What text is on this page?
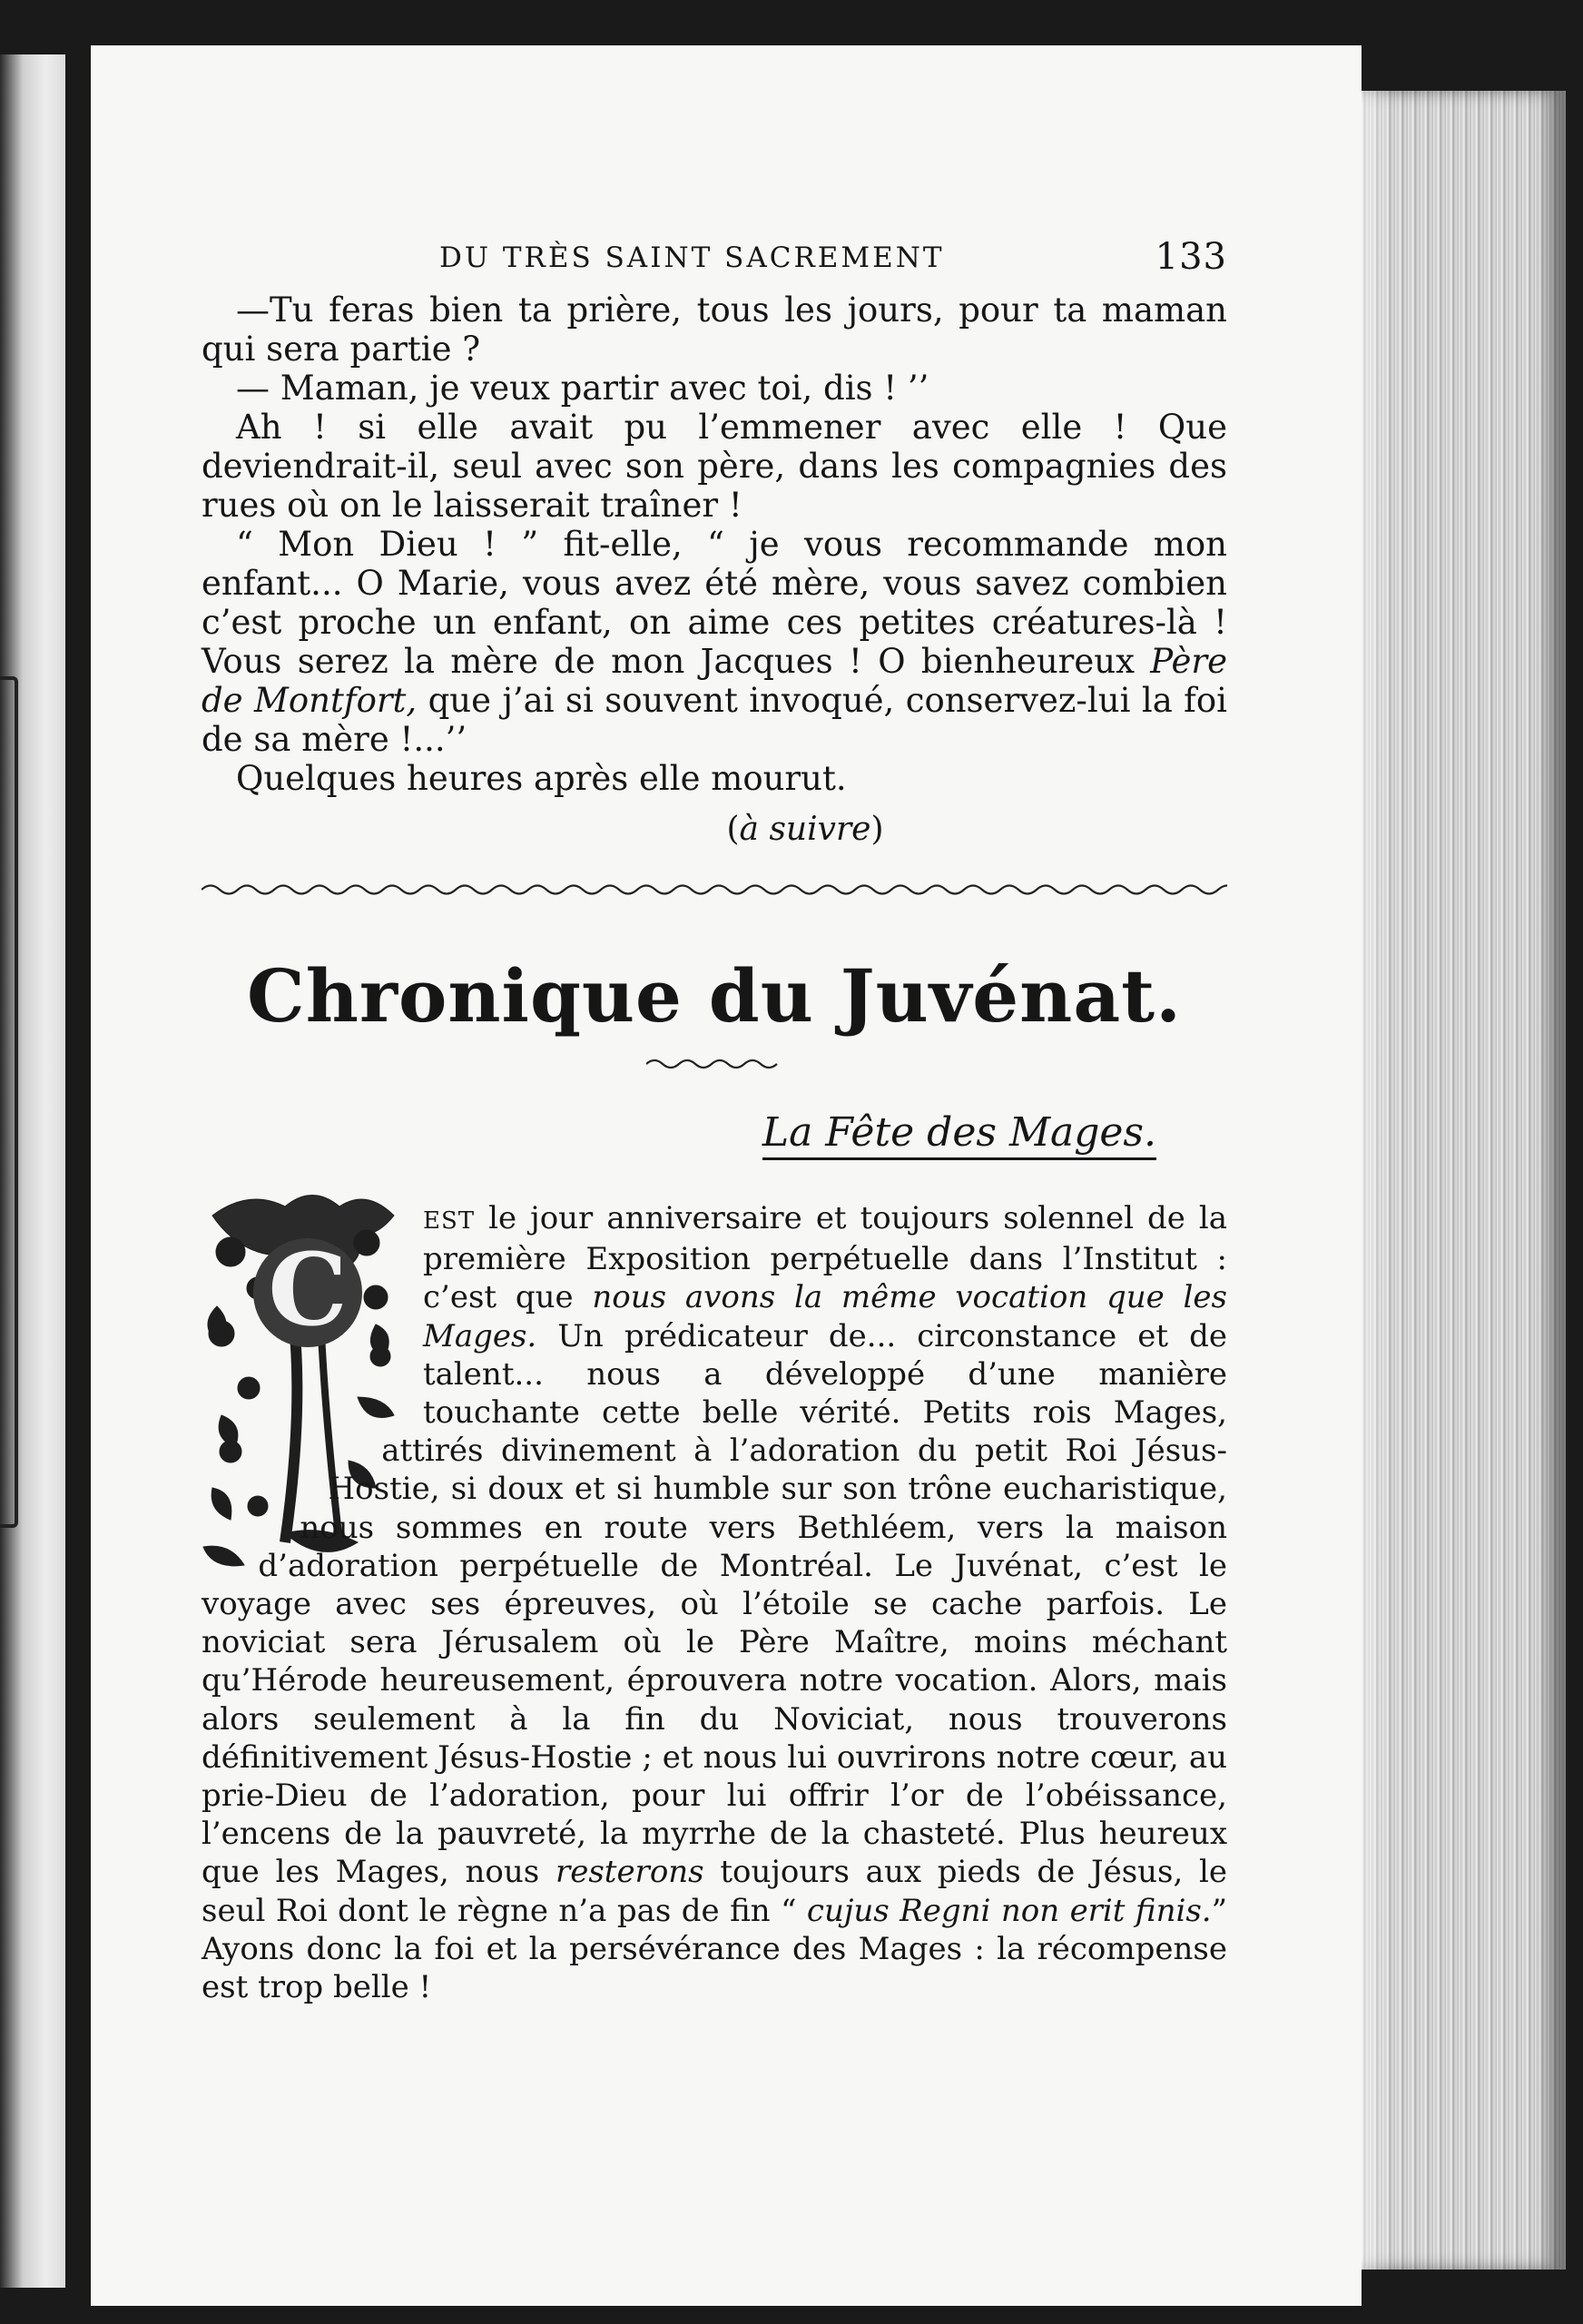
DU TRÈS SAINT SACREMENT	133

—Tu feras bien ta prière, tous les jours, pour ta maman qui sera partie ?

— Maman, je veux partir avec toi, dis ! ’’

Ah ! si elle avait pu l’emmener avec elle ! Que deviendrait-il, seul avec son père, dans les compagnies des rues où on le laisserait traîner !

“ Mon Dieu ! ” fit-elle, “ je vous recommande mon enfant... O Marie, vous avez été mère, vous savez combien c’est proche un enfant, on aime ces petites créatures-là ! Vous serez la mère de mon Jacques ! O bienheureux Père de Montfort, que j’ai si souvent invoqué, conservez-lui la foi de sa mère !...’’

Quelques heures après elle mourut.

(à suivre)
Chronique du Juvénat.
La Fête des Mages.
C

EST le jour anniversaire et toujours solennel de la première Exposition perpétuelle dans l’Institut : c’est que nous avons la même vocation que les Mages. Un prédicateur de... circonstance et de talent... nous a développé d’une manière touchante cette belle vérité. Petits rois Mages, attirés divinement à l’adoration du petit Roi Jésus-Hostie, si doux et si humble sur son trône eucharistique, nous sommes en route vers Bethléem, vers la maison d’adoration perpétuelle de Montréal. Le Juvénat, c’est le voyage avec ses épreuves, où l’étoile se cache parfois. Le noviciat sera Jérusalem où le Père Maître, moins méchant qu’Hérode heureusement, éprouvera notre vocation. Alors, mais alors seulement à la fin du Noviciat, nous trouverons définitivement Jésus-Hostie ; et nous lui ouvrirons notre cœur, au prie-Dieu de l’adoration, pour lui offrir l’or de l’obéissance, l’encens de la pauvreté, la myrrhe de la chasteté. Plus heureux que les Mages, nous resterons toujours aux pieds de Jésus, le seul Roi dont le règne n’a pas de fin “ cujus Regni non erit finis.” Ayons donc la foi et la persévérance des Mages : la récompense est trop belle !
